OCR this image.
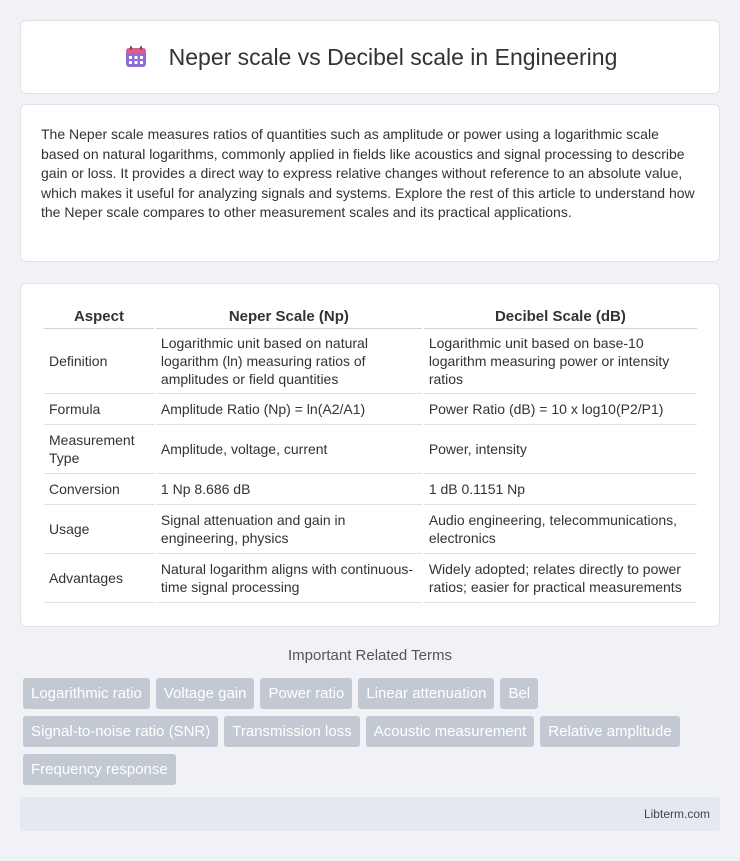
Neper scale vs Decibel scale in Engineering

The Neper scale measures ratios of quantities such as amplitude or power using a logarithmic scale based on natural logarithms, commonly applied in fields like acoustics and signal processing to describe gain or loss. It provides a direct way to express relative changes without reference to an absolute value, which makes it useful for analyzing signals and systems. Explore the rest of this article to understand how the Neper scale compares to other measurement scales and its practical applications.

Aspect	Neper Scale (Np)	Decibel Scale (dB)
Definition	Logarithmic unit based on natural logarithm (ln) measuring ratios of amplitudes or field quantities	Logarithmic unit based on base-10 logarithm measuring power or intensity ratios
Formula	Amplitude Ratio (Np) = ln(A2/A1)	Power Ratio (dB) = 10 x log10(P2/P1)
Measurement Type	Amplitude, voltage, current	Power, intensity
Conversion	1 Np 8.686 dB	1 dB 0.1151 Np
Usage	Signal attenuation and gain in engineering, physics	Audio engineering, telecommunications, electronics
Advantages	Natural logarithm aligns with continuous-time signal processing	Widely adopted; relates directly to power ratios; easier for practical measurements
Important Related Terms
Logarithmic ratio	Voltage gain	Power ratio	Linear attenuation	Bel
Signal-to-noise ratio (SNR)	Transmission loss	Acoustic measurement	Relative amplitude
Frequency response
Libterm.com
